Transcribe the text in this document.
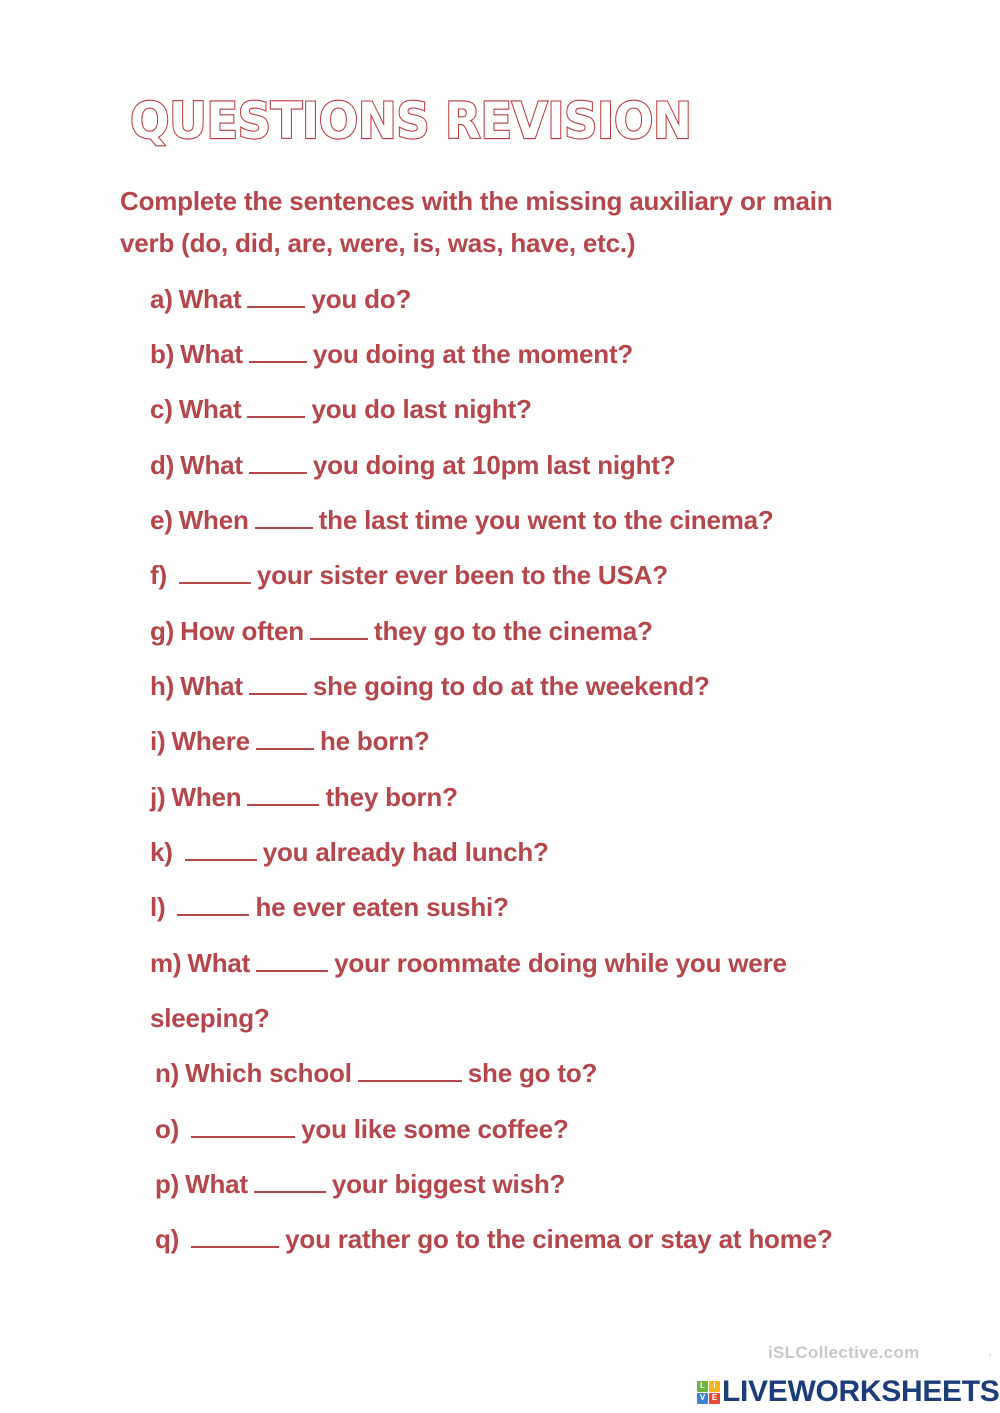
QUESTIONS REVISION
Complete the sentences with the missing auxiliary or main
verb (do, did, are, were, is, was, have, etc.)
a) What	you do?
b) What	you doing at the moment?
c) What	you do last night?
d) What	you doing at 10pm last night?
e) When	the last time you went to the cinema?
f)	your sister ever been to the USA?
g) How often	they go to the cinema?
h) What	she going to do at the weekend?
i) Where	he born?
j) When	they born?
k)	you already had lunch?
l)	he ever eaten sushi?
m) What	your roommate doing while you were
sleeping?
n) Which school	she go to?
o)	you like some coffee?
p) What	your biggest wish?
q)	you rather go to the cinema or stay at home?
iSLCollective.com	.
L	I
V E LIVEWORKSHEETS
